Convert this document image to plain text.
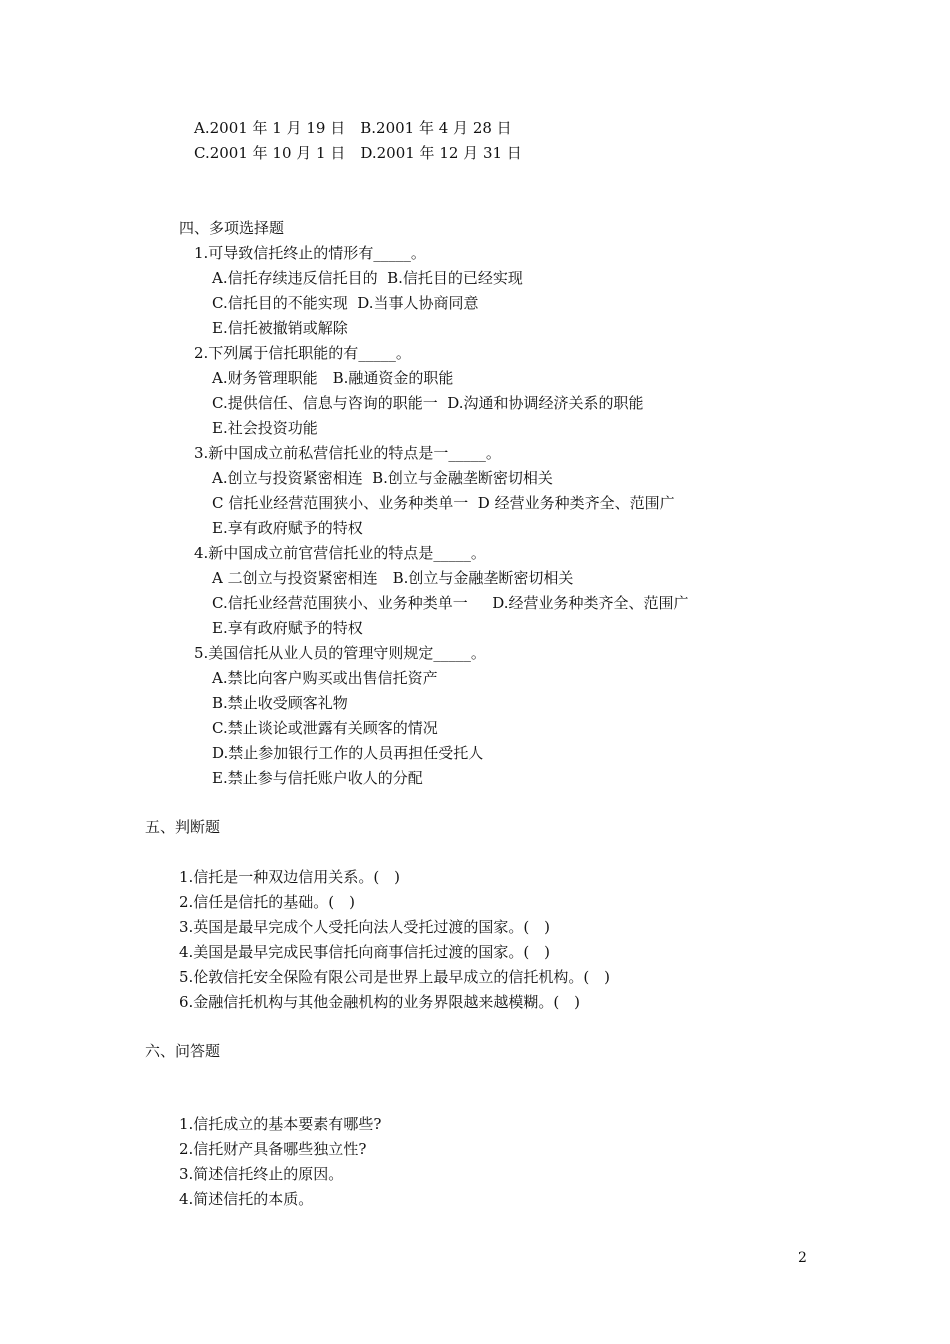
A.2001 年 1 月 19 日　B.2001 年 4 月 28 日
C.2001 年 10 月 1 日　D.2001 年 12 月 31 日
四、多项选择题
1.可导致信托终止的情形有_____。
A.信托存续违反信托目的  B.信托目的已经实现
C.信托目的不能实现  D.当事人协商同意
E.信托被撤销或解除
2.下列属于信托职能的有_____。
A.财务管理职能　B.融通资金的职能
C.提供信任、信息与咨询的职能一  D.沟通和协调经济关系的职能
E.社会投资功能
3.新中国成立前私营信托业的特点是一_____。
A.创立与投资紧密相连  B.创立与金融垄断密切相关
C 信托业经营范围狭小、业务种类单一  D 经营业务种类齐全、范围广
E.享有政府赋予的特权
4.新中国成立前官营信托业的特点是_____。
A 二创立与投资紧密相连　B.创立与金融垄断密切相关
C.信托业经营范围狭小、业务种类单一　  D.经营业务种类齐全、范围广
E.享有政府赋予的特权
5.美国信托从业人员的管理守则规定_____。
A.禁比向客户购买或出售信托资产
B.禁止收受顾客礼物
C.禁止谈论或泄露有关顾客的情况
D.禁止参加银行工作的人员再担任受托人
E.禁止参与信托账户收人的分配
五、判断题
1.信托是一种双边信用关系。(　)
2.信任是信托的基础。(　)
3.英国是最早完成个人受托向法人受托过渡的国家。(　)
4.美国是最早完成民事信托向商事信托过渡的国家。(　)
5.伦敦信托安全保险有限公司是世界上最早成立的信托机构。(　)
6.金融信托机构与其他金融机构的业务界限越来越模糊。(　)
六、问答题
1.信托成立的基本要素有哪些?
2.信托财产具备哪些独立性?
3.简述信托终止的原因。
4.简述信托的本质。
2
